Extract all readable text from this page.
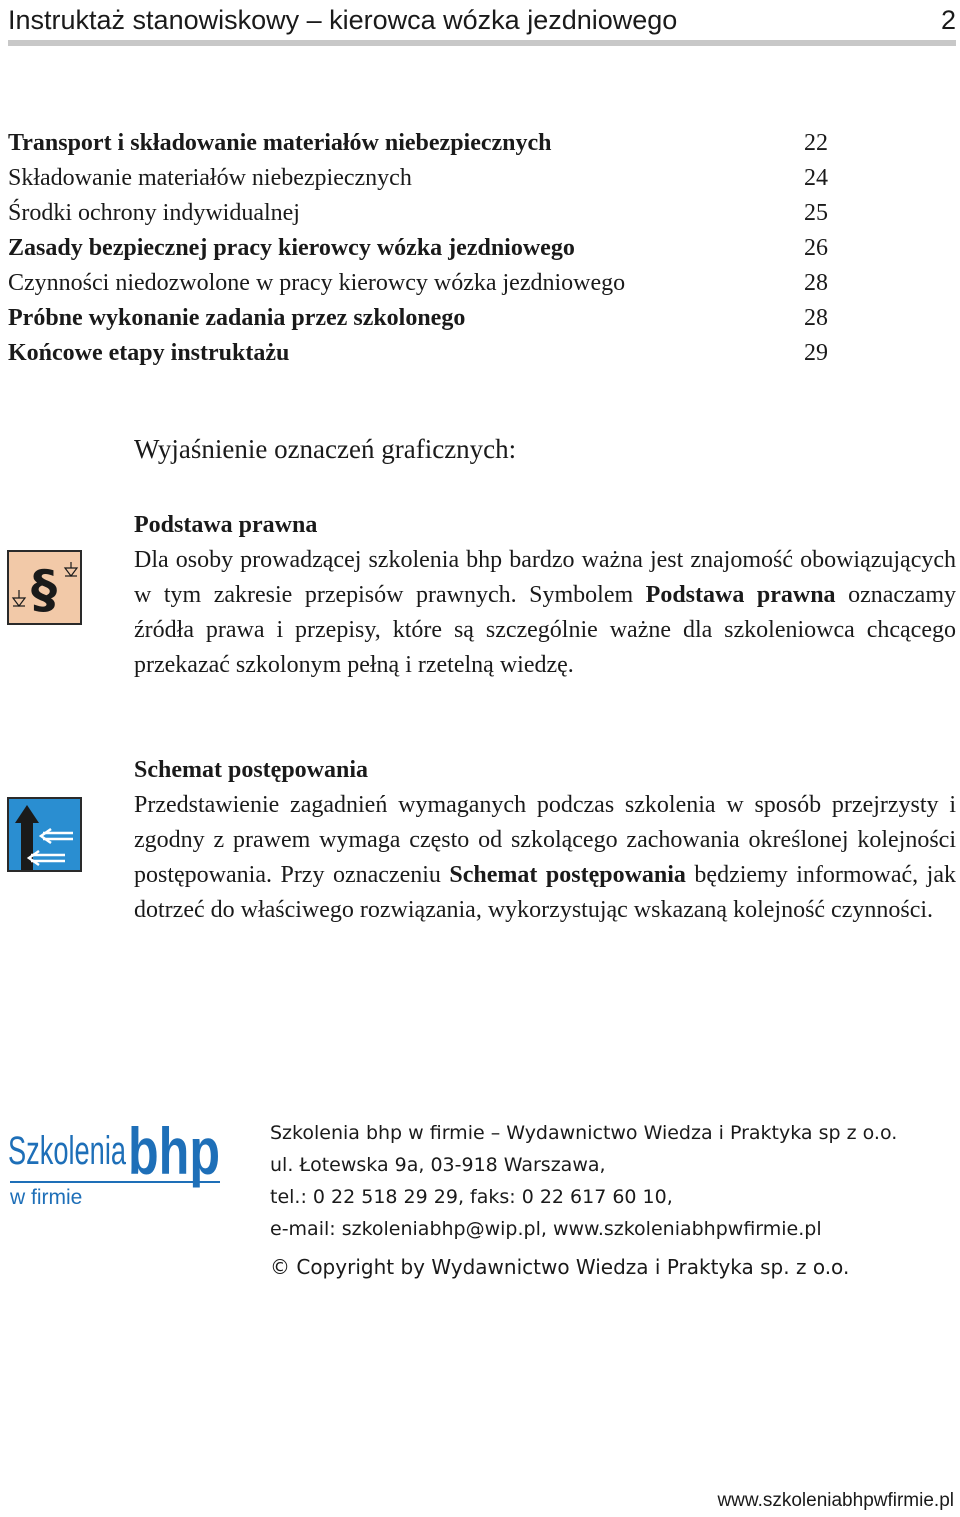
Instruktaż stanowiskowy – kierowca wózka jezdniowego	2
Transport i składowanie materiałów niebezpiecznych	22
Składowanie materiałów niebezpiecznych	24
Środki ochrony indywidualnej	25
Zasady bezpiecznej pracy kierowcy wózka jezdniowego	26
Czynności niedozwolone w pracy kierowcy wózka jezdniowego	28
Próbne wykonanie zadania przez szkolonego	28
Końcowe etapy instruktażu	29
Wyjaśnienie oznaczeń graficznych:
§
Podstawa prawna

Dla osoby prowadzącej szkolenia bhp bardzo ważna jest znajomość obowiązujących w tym zakresie przepisów prawnych. Symbolem Podstawa prawna oznaczamy źródła prawa i przepisy, które są szczególnie ważne dla szkoleniowca chcącego przekazać szkolonym pełną i rzetelną wiedzę.

Schemat postępowania

Przedstawienie zagadnień wymaganych podczas szkolenia w sposób przejrzysty i zgodny z prawem wymaga często od szkolącego zachowania określonej kolejności postępowania. Przy oznaczeniu Schemat postępowania będziemy informować, jak dotrzeć do właściwego rozwiązania, wykorzystując wskazaną kolejność czynności.

Szkolenia bhp
w firmie
Szkolenia bhp w firmie – Wydawnictwo Wiedza i Praktyka sp z o.o.
ul. Łotewska 9a, 03-918 Warszawa,
tel.: 0 22 518 29 29, faks: 0 22 617 60 10,
e-mail: szkoleniabhp@wip.pl, www.szkoleniabhpwfirmie.pl
© Copyright by Wydawnictwo Wiedza i Praktyka sp. z o.o.
www.szkoleniabhpwfirmie.pl
